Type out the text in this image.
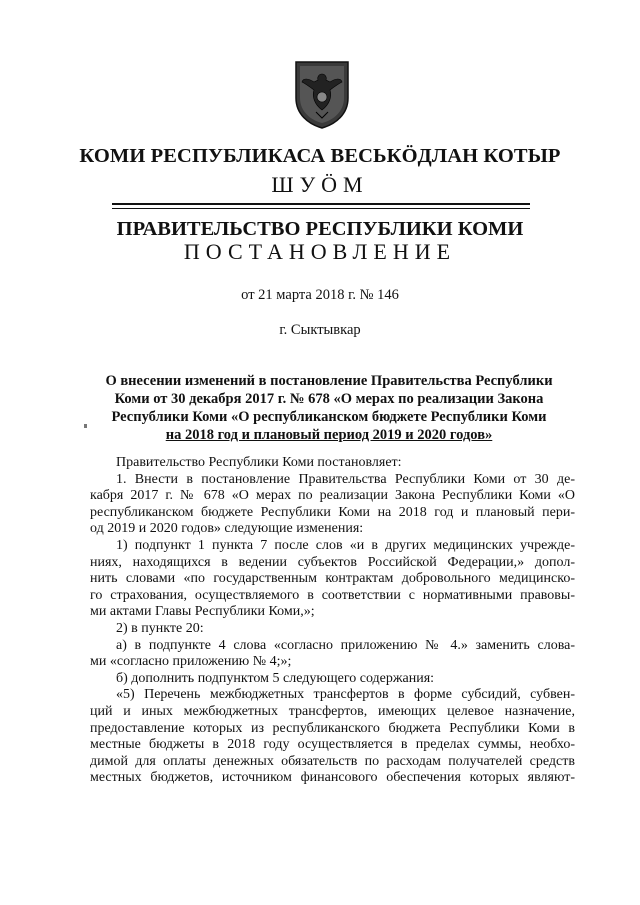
КОМИ РЕСПУБЛИКАСА ВЕСЬКӦДЛАН КОТЫР
ШУӦМ
ПРАВИТЕЛЬСТВО РЕСПУБЛИКИ КОМИ
ПОСТАНОВЛЕНИЕ
от 21 марта 2018 г. № 146
г. Сыктывкар
О внесении изменений в постановление Правительства Республики
Коми от 30 декабря 2017 г. № 678 «О мерах по реализации Закона
Республики Коми «О республиканском бюджете Республики Коми
на 2018 год и плановый период 2019 и 2020 годов»
Правительство Республики Коми постановляет:
1. Внести в постановление Правительства Республики Коми от 30 де-
кабря 2017 г. № 678 «О мерах по реализации Закона Республики Коми «О
республиканском бюджете Республики Коми на 2018 год и плановый пери-
од 2019 и 2020 годов» следующие изменения:
1) подпункт 1 пункта 7 после слов «и в других медицинских учрежде-
ниях, находящихся в ведении субъектов Российской Федерации,» допол-
нить словами «по государственным контрактам добровольного медицинско-
го страхования, осуществляемого в соответствии с нормативными правовы-
ми актами Главы Республики Коми,»;
2) в пункте 20:
а) в подпункте 4 слова «согласно приложению № 4.» заменить слова-
ми «согласно приложению № 4;»;
б) дополнить подпунктом 5 следующего содержания:
«5) Перечень межбюджетных трансфертов в форме субсидий, субвен-
ций и иных межбюджетных трансфертов, имеющих целевое назначение,
предоставление которых из республиканского бюджета Республики Коми в
местные бюджеты в 2018 году осуществляется в пределах суммы, необхо-
димой для оплаты денежных обязательств по расходам получателей средств
местных бюджетов, источником финансового обеспечения которых являют-
